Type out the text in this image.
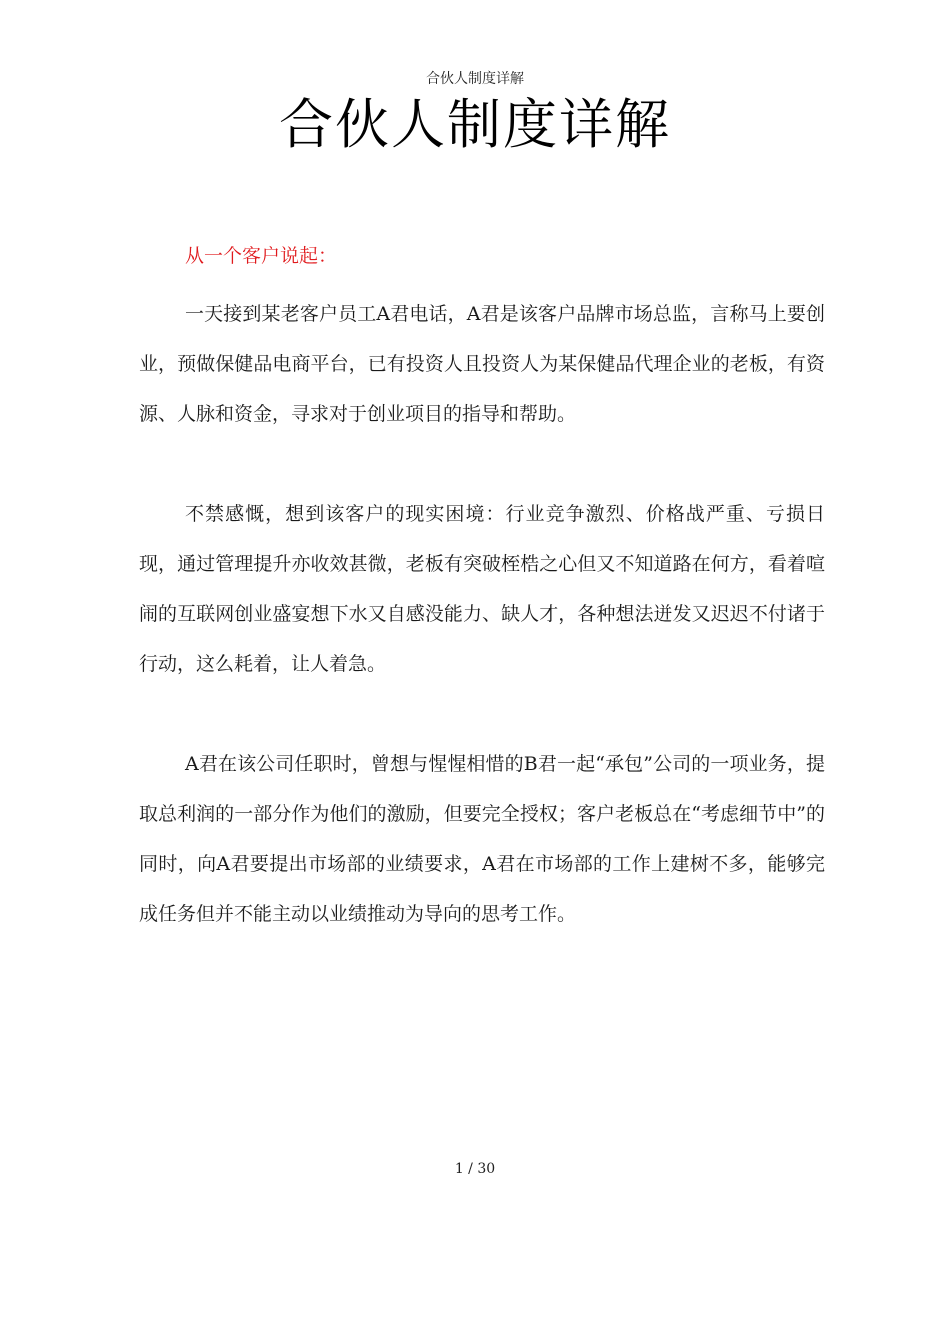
合伙人制度详解
合伙人制度详解

从一个客户说起：

一天接到某老客户员工A君电话，A君是该客户品牌市场总监，言称马上要创业，预做保健品电商平台，已有投资人且投资人为某保健品代理企业的老板，有资源、人脉和资金，寻求对于创业项目的指导和帮助。

不禁感慨，想到该客户的现实困境：行业竞争激烈、价格战严重、亏损日现，通过管理提升亦收效甚微，老板有突破桎梏之心但又不知道路在何方，看着喧闹的互联网创业盛宴想下水又自感没能力、缺人才，各种想法迸发又迟迟不付诸于行动，这么耗着，让人着急。

A君在该公司任职时，曾想与惺惺相惜的B君一起“承包”公司的一项业务，提取总利润的一部分作为他们的激励，但要完全授权；客户老板总在“考虑细节中”的同时，向A君要提出市场部的业绩要求，A君在市场部的工作上建树不多，能够完成任务但并不能主动以业绩推动为导向的思考工作。

1 / 30
